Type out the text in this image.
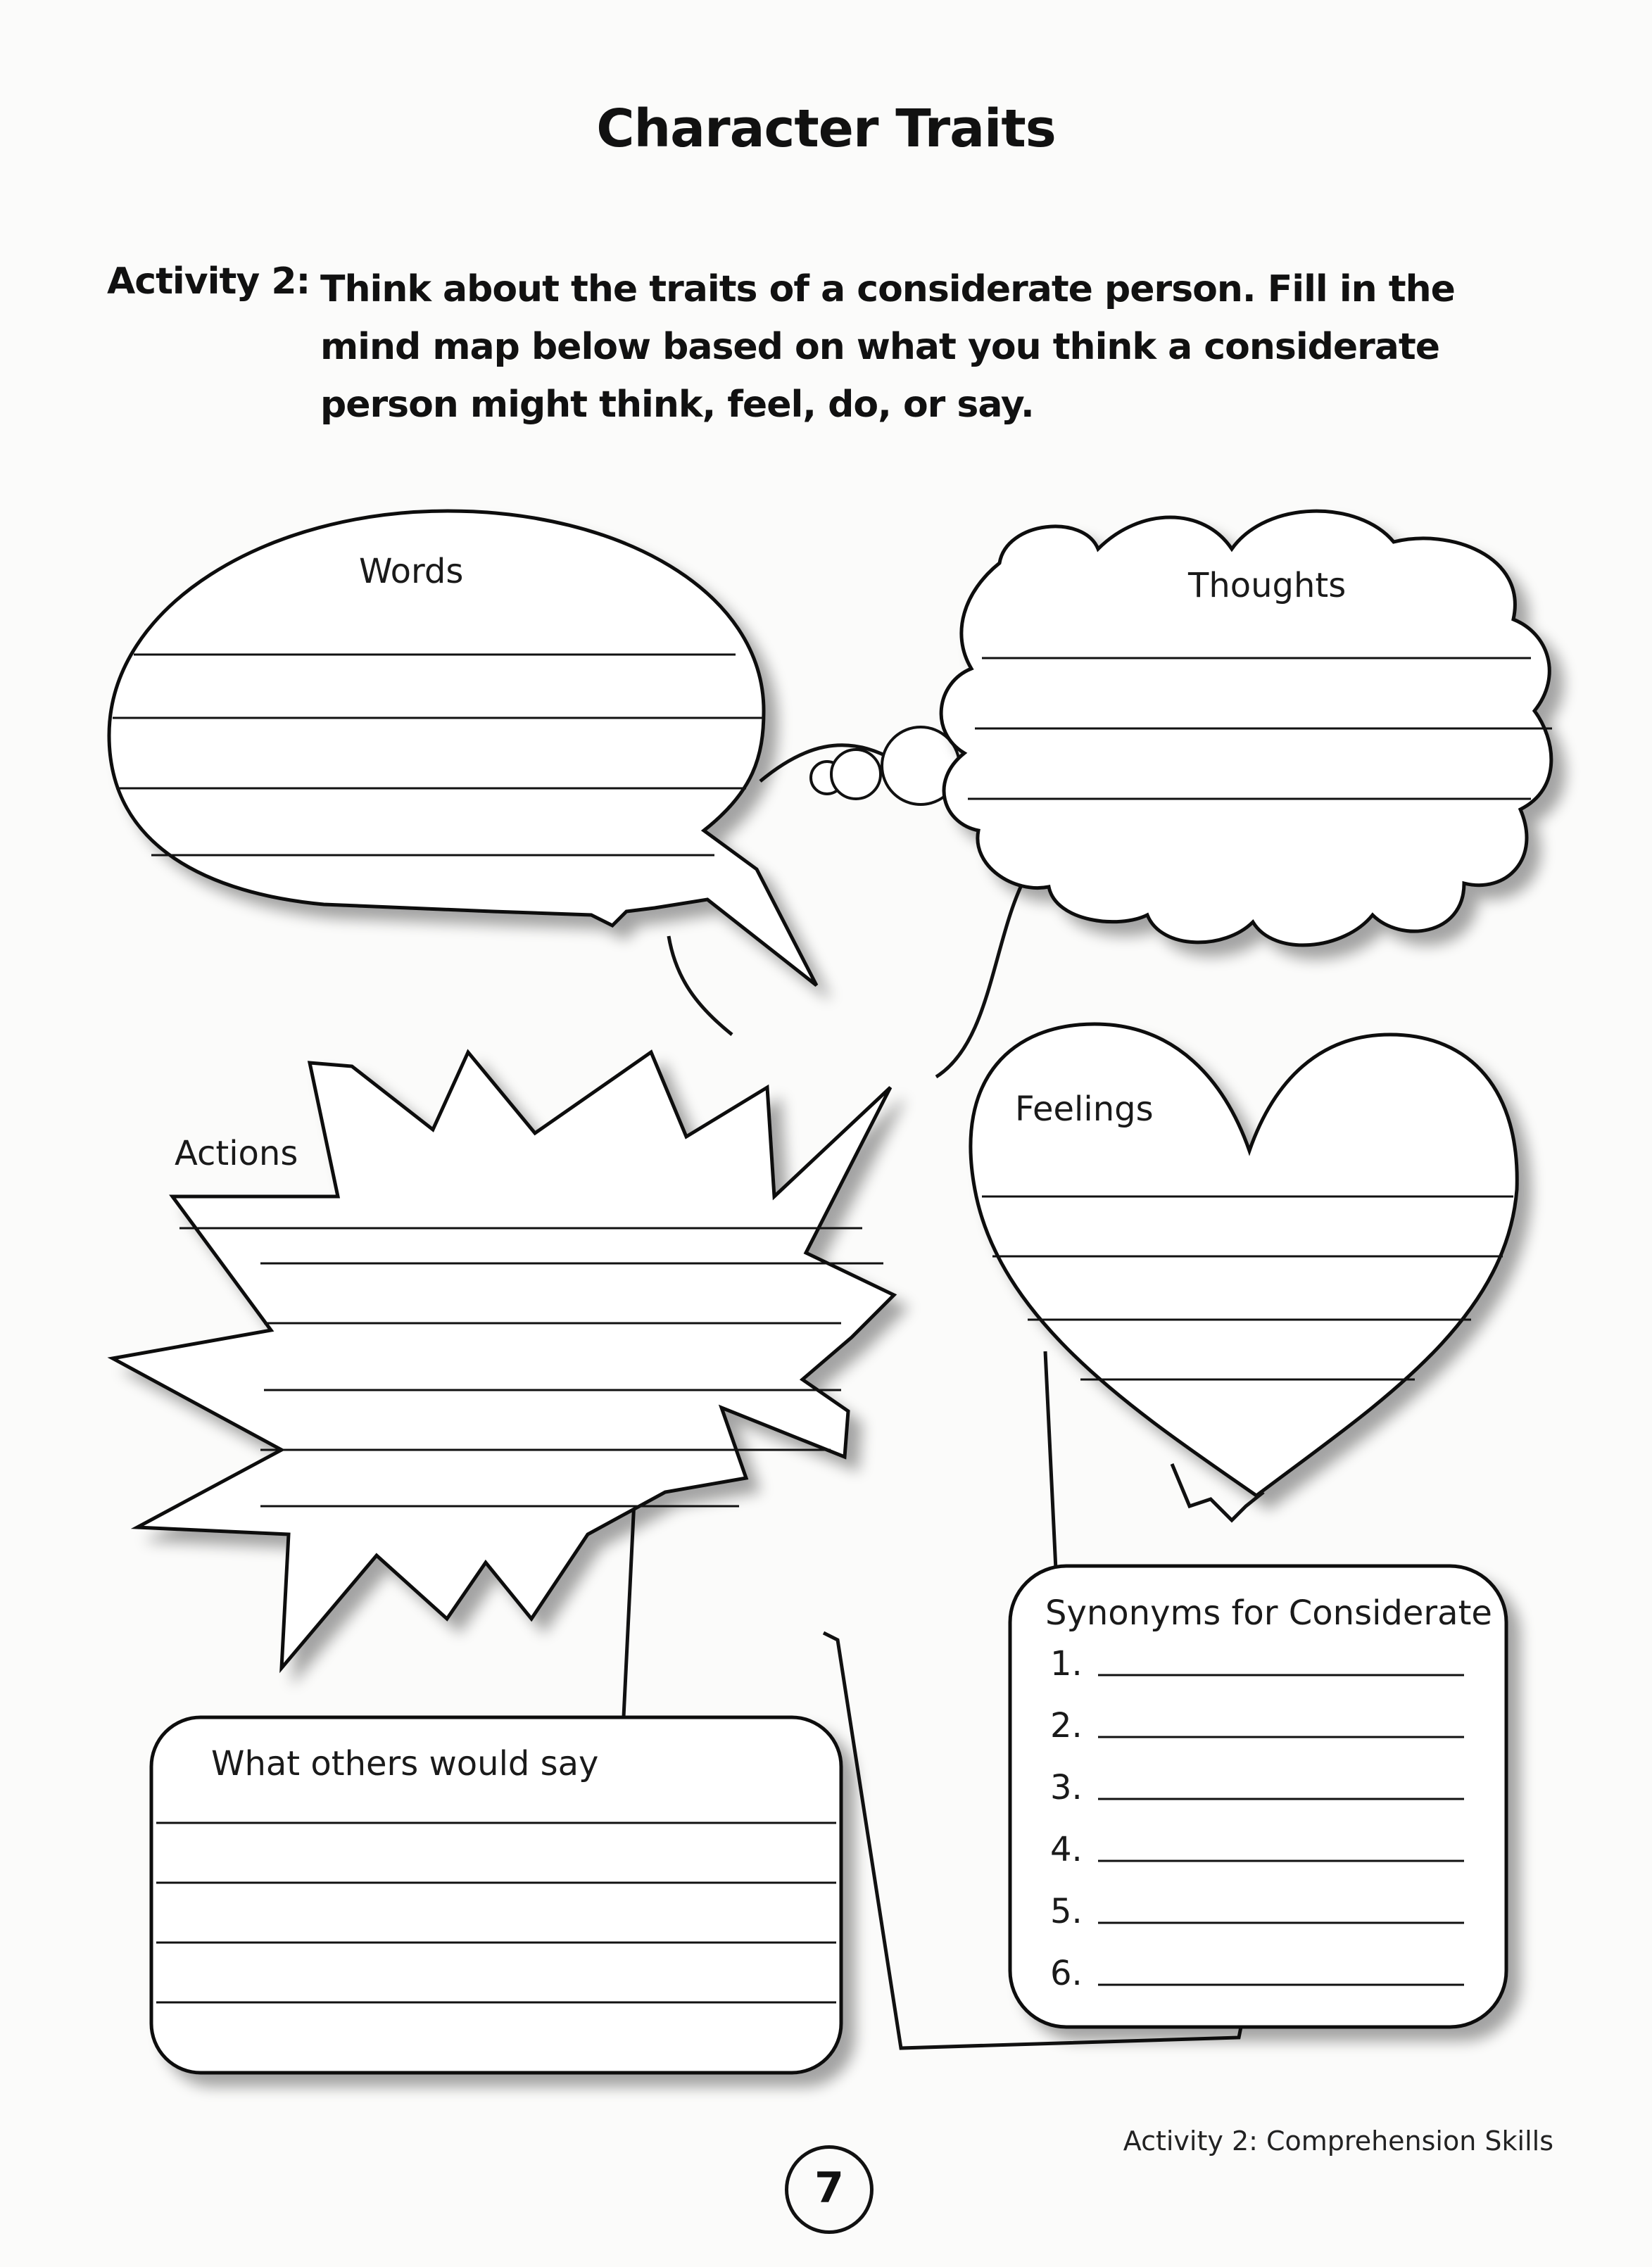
Character Traits
Activity 2: Think about the traits of a considerate person. Fill in the mind map below based on what you think a considerate person might think, feel, do, or say.
Words	Thoughts
Actions
Feelings
What others would say
Synonyms for Considerate
1.
2.
3.
4.
5.
6.
Activity 2: Comprehension Skills
7
